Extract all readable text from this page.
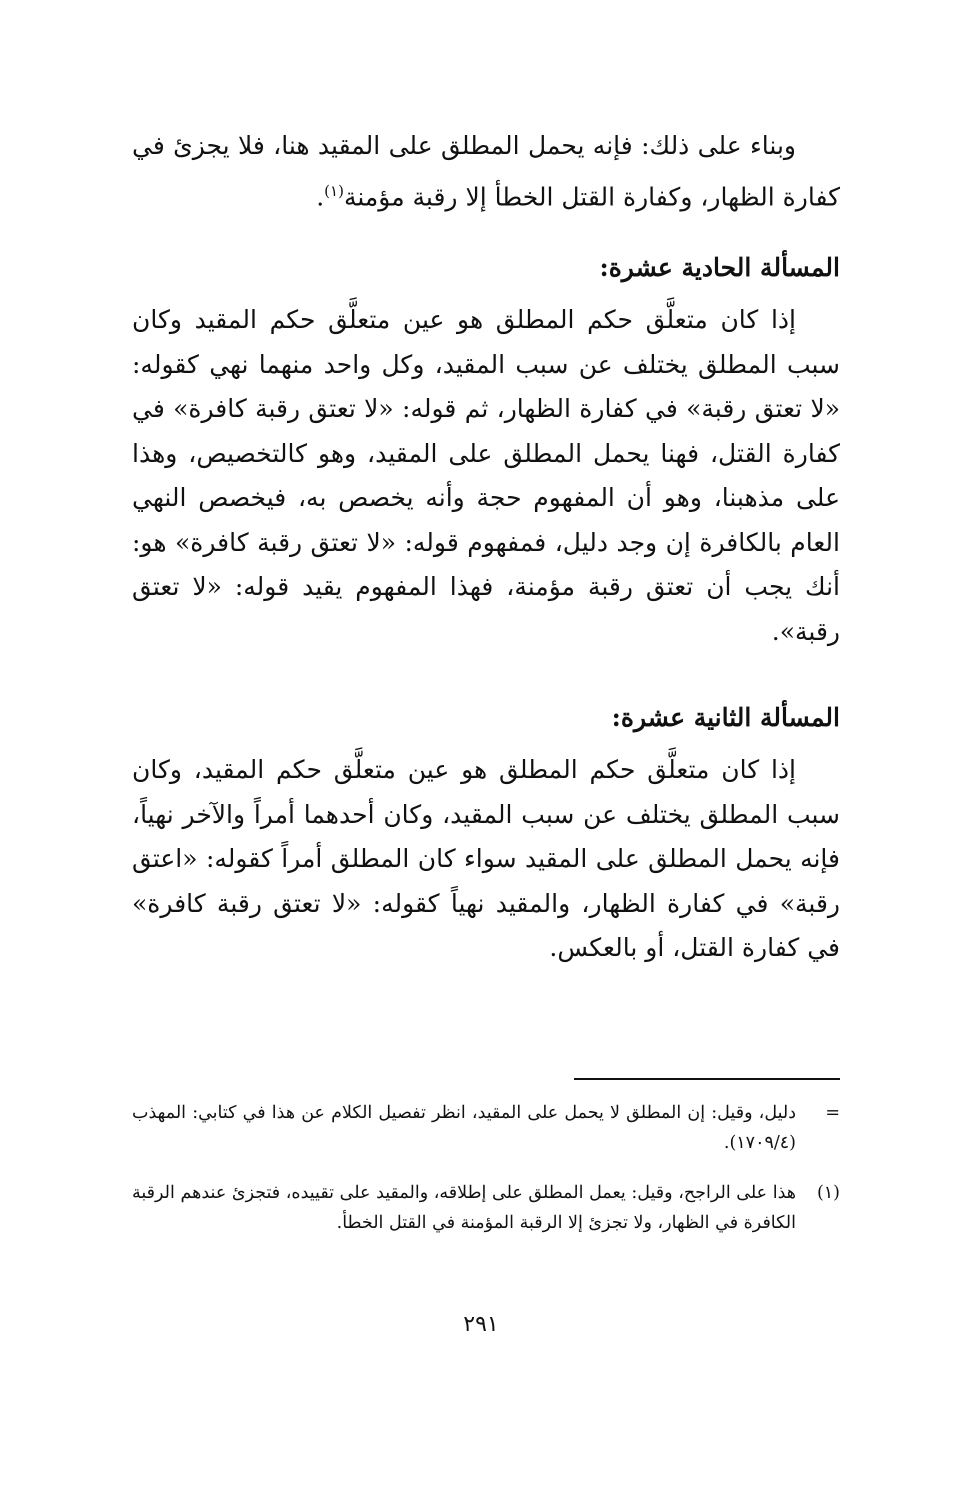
وبناء على ذلك: فإنه يحمل المطلق على المقيد هنا، فلا يجزئ في كفارة الظهار، وكفارة القتل الخطأ إلا رقبة مؤمنة$^{(١)}$.

المسألة الحادية عشرة:

إذا كان متعلَّق حكم المطلق هو عين متعلَّق حكم المقيد وكان سبب المطلق يختلف عن سبب المقيد، وكل واحد منهما نهي كقوله: «لا تعتق رقبة» في كفارة الظهار، ثم قوله: «لا تعتق رقبة كافرة» في كفارة القتل، فهنا يحمل المطلق على المقيد، وهو كالتخصيص، وهذا على مذهبنا، وهو أن المفهوم حجة وأنه يخصص به، فيخصص النهي العام بالكافرة إن وجد دليل، فمفهوم قوله: «لا تعتق رقبة كافرة» هو: أنك يجب أن تعتق رقبة مؤمنة، فهذا المفهوم يقيد قوله: «لا تعتق رقبة».

المسألة الثانية عشرة:

إذا كان متعلَّق حكم المطلق هو عين متعلَّق حكم المقيد، وكان سبب المطلق يختلف عن سبب المقيد، وكان أحدهما أمراً والآخر نهياً، فإنه يحمل المطلق على المقيد سواء كان المطلق أمراً كقوله: «اعتق رقبة» في كفارة الظهار، والمقيد نهياً كقوله: «لا تعتق رقبة كافرة» في كفارة القتل، أو بالعكس.

=
دليل، وقيل: إن المطلق لا يحمل على المقيد، انظر تفصيل الكلام عن هذا في كتابي: المهذب (١٧٠٩/٤).
(١)
هذا على الراجح، وقيل: يعمل المطلق على إطلاقه، والمقيد على تقييده، فتجزئ عندهم الرقبة الكافرة في الظهار، ولا تجزئ إلا الرقبة المؤمنة في القتل الخطأ.
٢٩١
